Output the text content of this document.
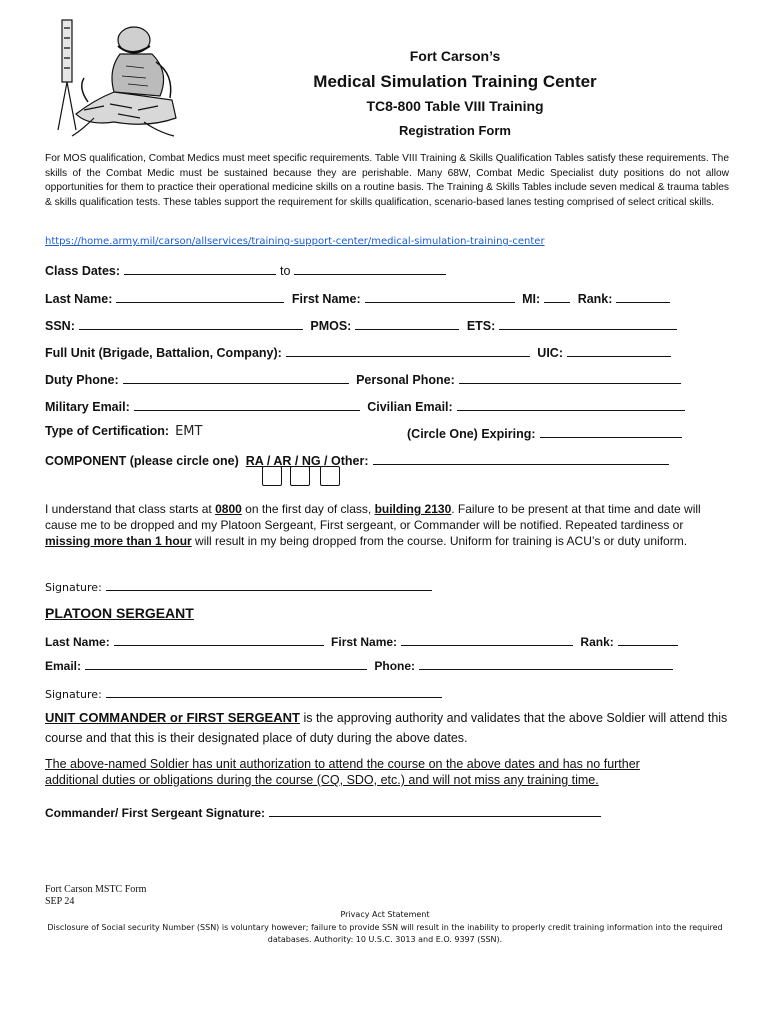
Fort Carson’s
Medical Simulation Training Center
TC8-800 Table VIII Training
Registration Form
For MOS qualification, Combat Medics must meet specific requirements. Table VIII Training & Skills Qualification Tables satisfy these requirements. The skills of the Combat Medic must be sustained because they are perishable. Many 68W, Combat Medic Specialist duty positions do not allow opportunities for them to practice their operational medicine skills on a routine basis. The Training & Skills Tables include seven medical & trauma tables & skills qualification tests. These tables support the requirement for skills qualification, scenario-based lanes testing comprised of select critical skills.
https://home.army.mil/carson/allservices/training-support-center/medical-simulation-training-center
Class Dates:	to
Last Name:	First Name:	MI:	Rank:
SSN:	PMOS:	ETS:
Full Unit (Brigade, Battalion, Company):	UIC:
Duty Phone:	Personal Phone:
Military Email:	Civilian Email:
Type of Certification: EMT	(Circle One) Expiring:
COMPONENT (please circle one) RA / AR / NG / Other:
I understand that class starts at 0800 on the first day of class, building 2130. Failure to be present at that time and date will cause me to be dropped and my Platoon Sergeant, First sergeant, or Commander will be notified. Repeated tardiness or missing more than 1 hour will result in my being dropped from the course. Uniform for training is ACU’s or duty uniform.
Signature:
PLATOON SERGEANT
Last Name:	First Name:	Rank:
Email:	Phone:
Signature:
UNIT COMMANDER or FIRST SERGEANT is the approving authority and validates that the above Soldier will attend this course and that this is their designated place of duty during the above dates.
The above-named Soldier has unit authorization to attend the course on the above dates and has no further additional duties or obligations during the course (CQ, SDO, etc.) and will not miss any training time.
Commander/ First Sergeant Signature:
Fort Carson MSTC Form
SEP 24
Privacy Act Statement
Disclosure of Social security Number (SSN) is voluntary however; failure to provide SSN will result in the inability to properly credit training information into the required databases. Authority: 10 U.S.C. 3013 and E.O. 9397 (SSN).
